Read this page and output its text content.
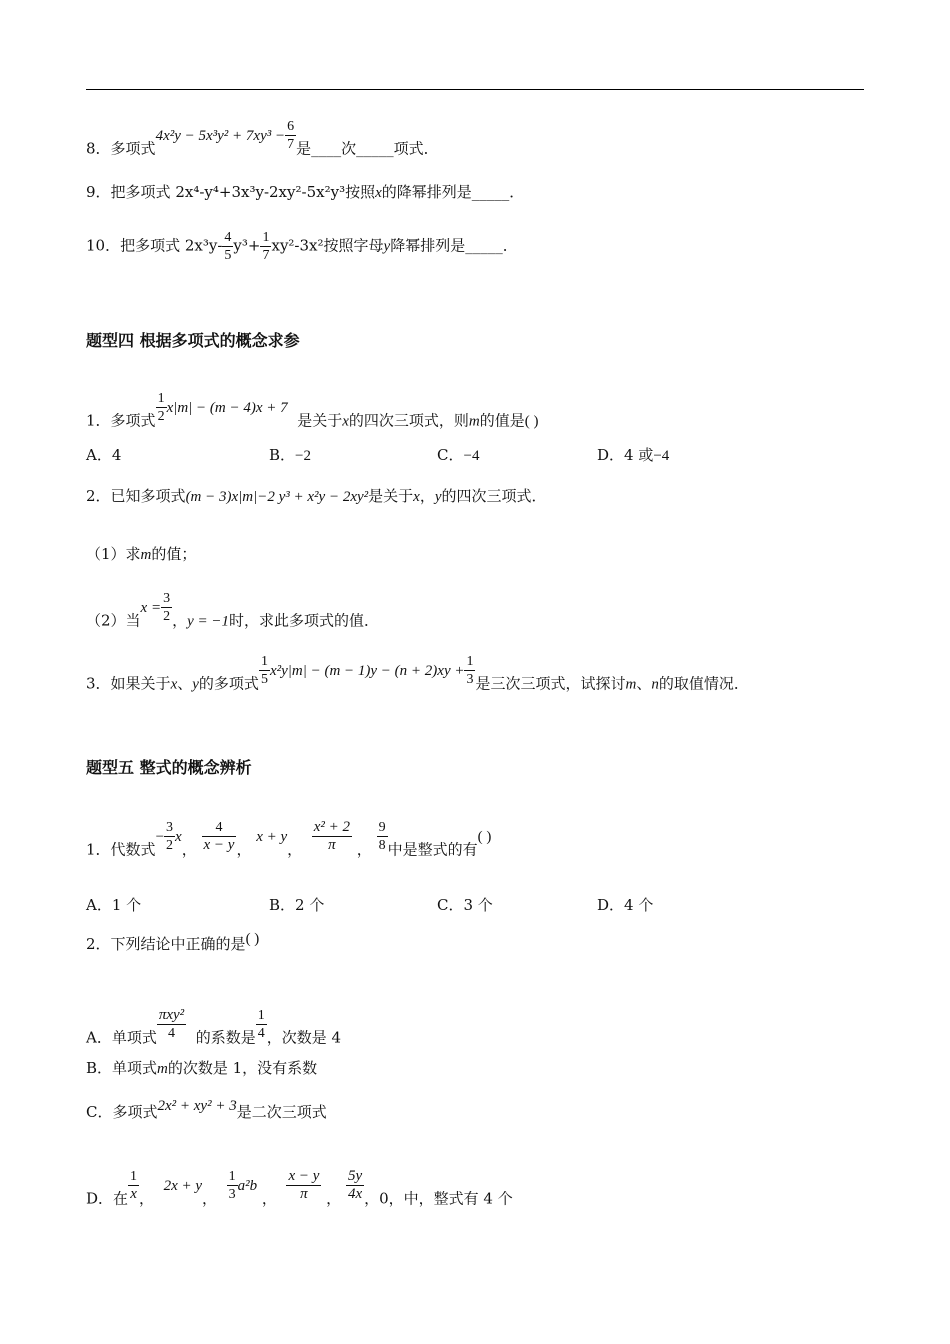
8．多项式$4x^2y - 5x^3y^2 + 7xy^3 - \frac{6}{7}$ 是____次_____项式．
9．把多项式 2x⁴-y⁴+3x³y-2xy²-5x²y³按照x的降幂排列是_____．
10．把多项式 $2x^3y- \frac{4}{5} y^3+ \frac{1}{7} xy^2-3x^2$按照字母y降幂排列是_____．
题型四 根据多项式的概念求参
1．多项式 $\frac{1}{2} x|m| - (m - 4)x + 7$  是关于x的四次三项式，则m的值是( )
A．4	B．−2	C．−4	D．4 或−4
2．已知多项式(m − 3)x|m|−2 y³ + x²y − 2xy²是关于x，y的四次三项式．
（1）求m的值；
（2）当$x = \frac{3}{2}$ ，y = −1时，求此多项式的值．
3．如果关于x、y的多项式 $\frac{1}{5} x^2y|m| - (m - 1)y - (n + 2)xy + \frac{1}{3}$ 是三次三项式，试探讨m、n的取值情况．
题型五 整式的概念辨析
1．代数式− $\frac{3}{2}$ x， $\frac{4}{x - y}$ ， x + y， $\frac{\text{x² + 2}}{\pi}$ ， $\frac{9}{8}$ 中是整式的有( )
A．1 个	B．2 个	C．3 个	D．4 个
2．下列结论中正确的是( )
A．单项式 $\frac{\text{πxy²}}{4}$ 的系数是 $\frac{1}{4}$ ，次数是 4
B．单项式m的次数是 1，没有系数
C．多项式2x² + xy² + 3是二次三项式
D．在 $\frac{1}{x}$ ，  2x + y， $\frac{1}{3} a^2b$ ， $\frac{x - y}{\pi}$ ， $\frac{5y}{4x}$ ，0，中，整式有 4 个
